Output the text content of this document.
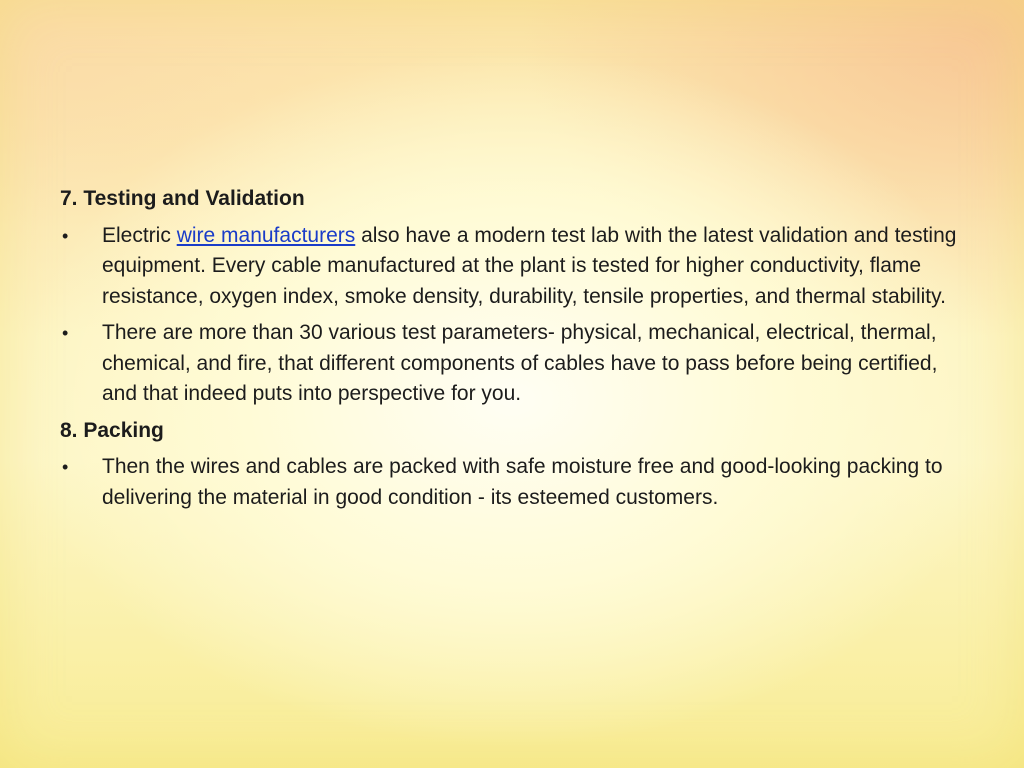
7. Testing and Validation
•	Electric wire manufacturers also have a modern test lab with the latest validation and testing equipment. Every cable manufactured at the plant is tested for higher conductivity, flame resistance, oxygen index, smoke density, durability, tensile properties, and thermal stability.
•	There are more than 30 various test parameters- physical, mechanical, electrical, thermal, chemical, and fire, that different components of cables have to pass before being certified, and that indeed puts into perspective for you.
8. Packing
•	Then the wires and cables are packed with safe moisture free and good-looking packing to delivering the material in good condition - its esteemed customers.
